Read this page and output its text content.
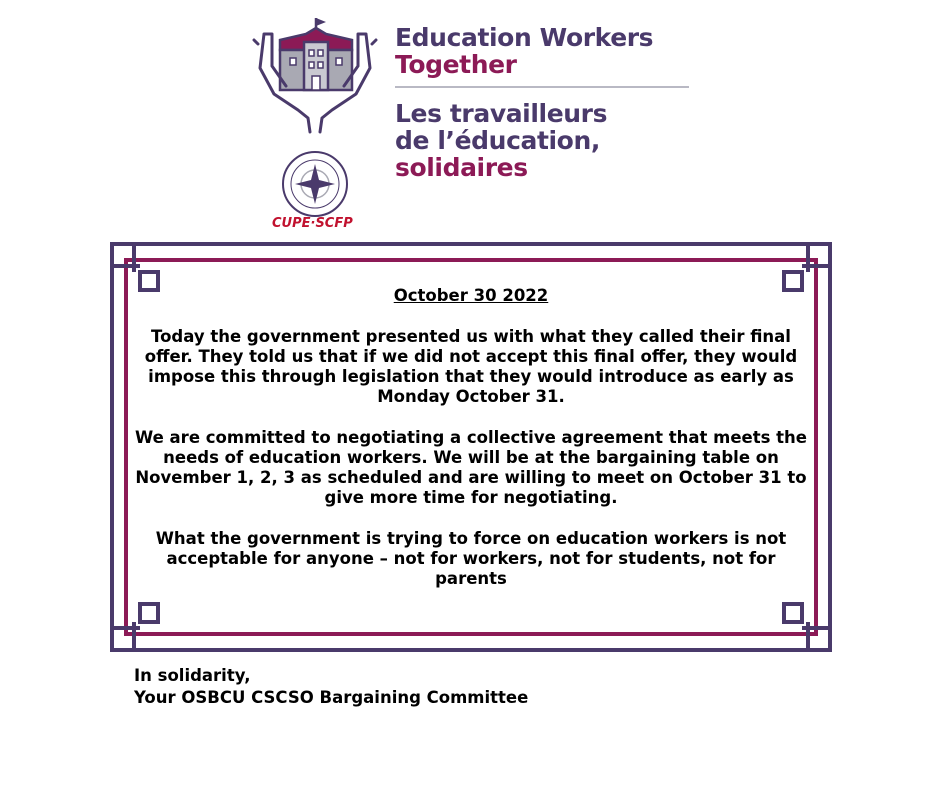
CUPE·SCFP
Education Workers
Together
Les travailleurs
de l’éducation,
solidaires
October 30 2022

Today the government presented us with what they called their final offer. They told us that if we did not accept this final offer, they would impose this through legislation that they would introduce as early as Monday October 31.

We are committed to negotiating a collective agreement that meets the needs of education workers. We will be at the bargaining table on November 1, 2, 3 as scheduled and are willing to meet on October 31 to give more time for negotiating.

What the government is trying to force on education workers is not acceptable for anyone – not for workers, not for students, not for parents

In solidarity,
Your OSBCU CSCSO Bargaining Committee
